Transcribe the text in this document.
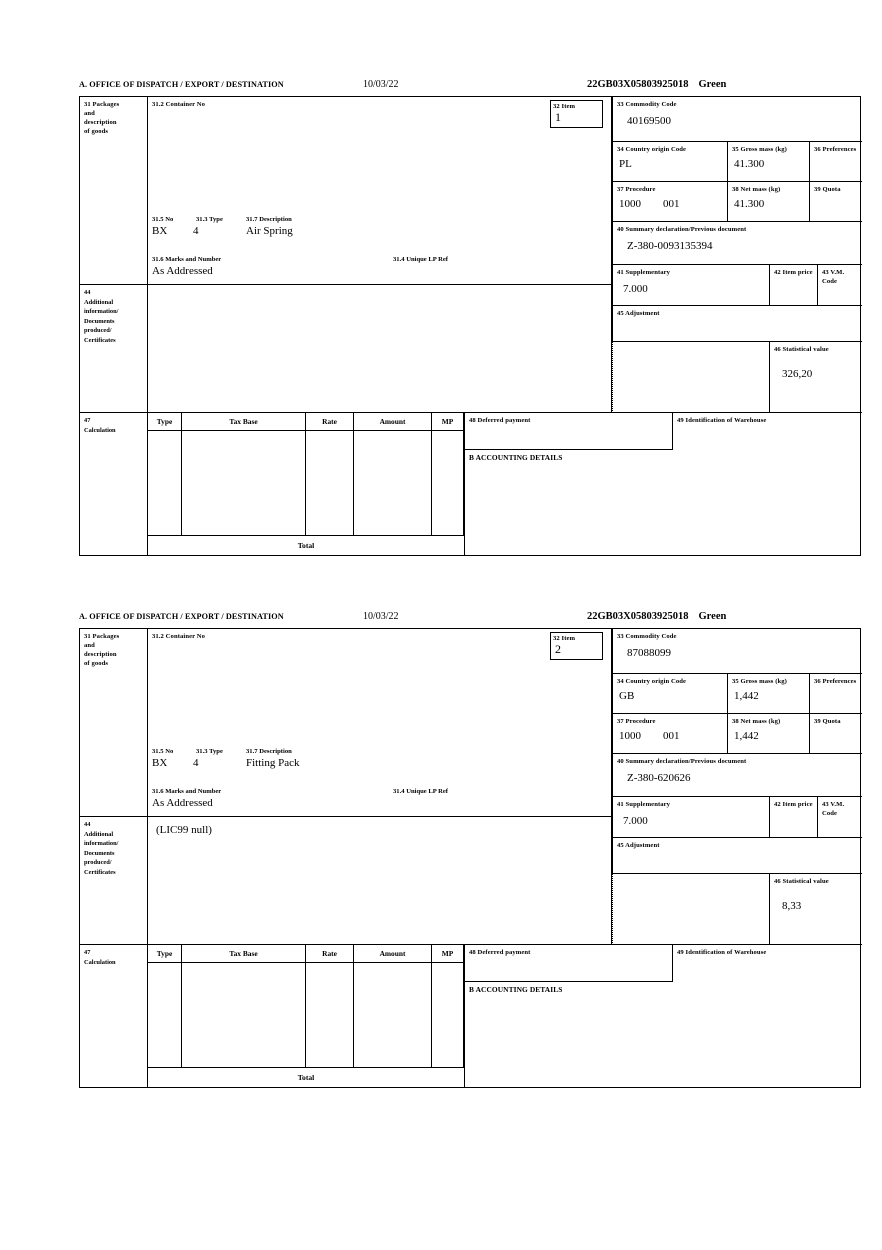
A. OFFICE OF DISPATCH / EXPORT / DESTINATION	10/03/22	22GB03X05803925018 Green
31 Packages
and
description
of goods
31.2 Container No
31.5 No	31.3 Type	31.7 Description
BX 4	Air Spring
31.6 Marks and Number	31.4 Unique LP Ref
As Addressed
32 Item
1
33 Commodity Code
40169500
34 Country origin Code
PL
35 Gross mass (kg)
41.300
36 Preferences
37 Procedure
1000 001
38 Net mass (kg)
41.300
39 Quota
40 Summary declaration/Previous document
Z-380-0093135394
41 Supplementary
7.000
42 Item price 43 V.M. Code
44
Additional
information/
Documents
produced/
Certificates
45 Adjustment
46 Statistical value
326,20
47
Calculation
Type	Tax Base	Rate	Amount	MP
Total
48 Deferred payment	49 Identification of Warehouse
B ACCOUNTING DETAILS
A. OFFICE OF DISPATCH / EXPORT / DESTINATION	10/03/22	22GB03X05803925018 Green
31 Packages
and
description
of goods
31.2 Container No
31.5 No	31.3 Type	31.7 Description
BX 4	Fitting Pack
31.6 Marks and Number	31.4 Unique LP Ref
As Addressed
32 Item
2
33 Commodity Code
87088099
34 Country origin Code
GB
35 Gross mass (kg)
1,442
36 Preferences
37 Procedure
1000 001
38 Net mass (kg)
1,442
39 Quota
40 Summary declaration/Previous document
Z-380-620626
41 Supplementary
7.000
42 Item price 43 V.M. Code
44
Additional
information/
Documents
produced/
Certificates
(LIC99 null)
45 Adjustment
46 Statistical value
8,33
47
Calculation
Type	Tax Base	Rate	Amount	MP
Total
48 Deferred payment	49 Identification of Warehouse
B ACCOUNTING DETAILS
